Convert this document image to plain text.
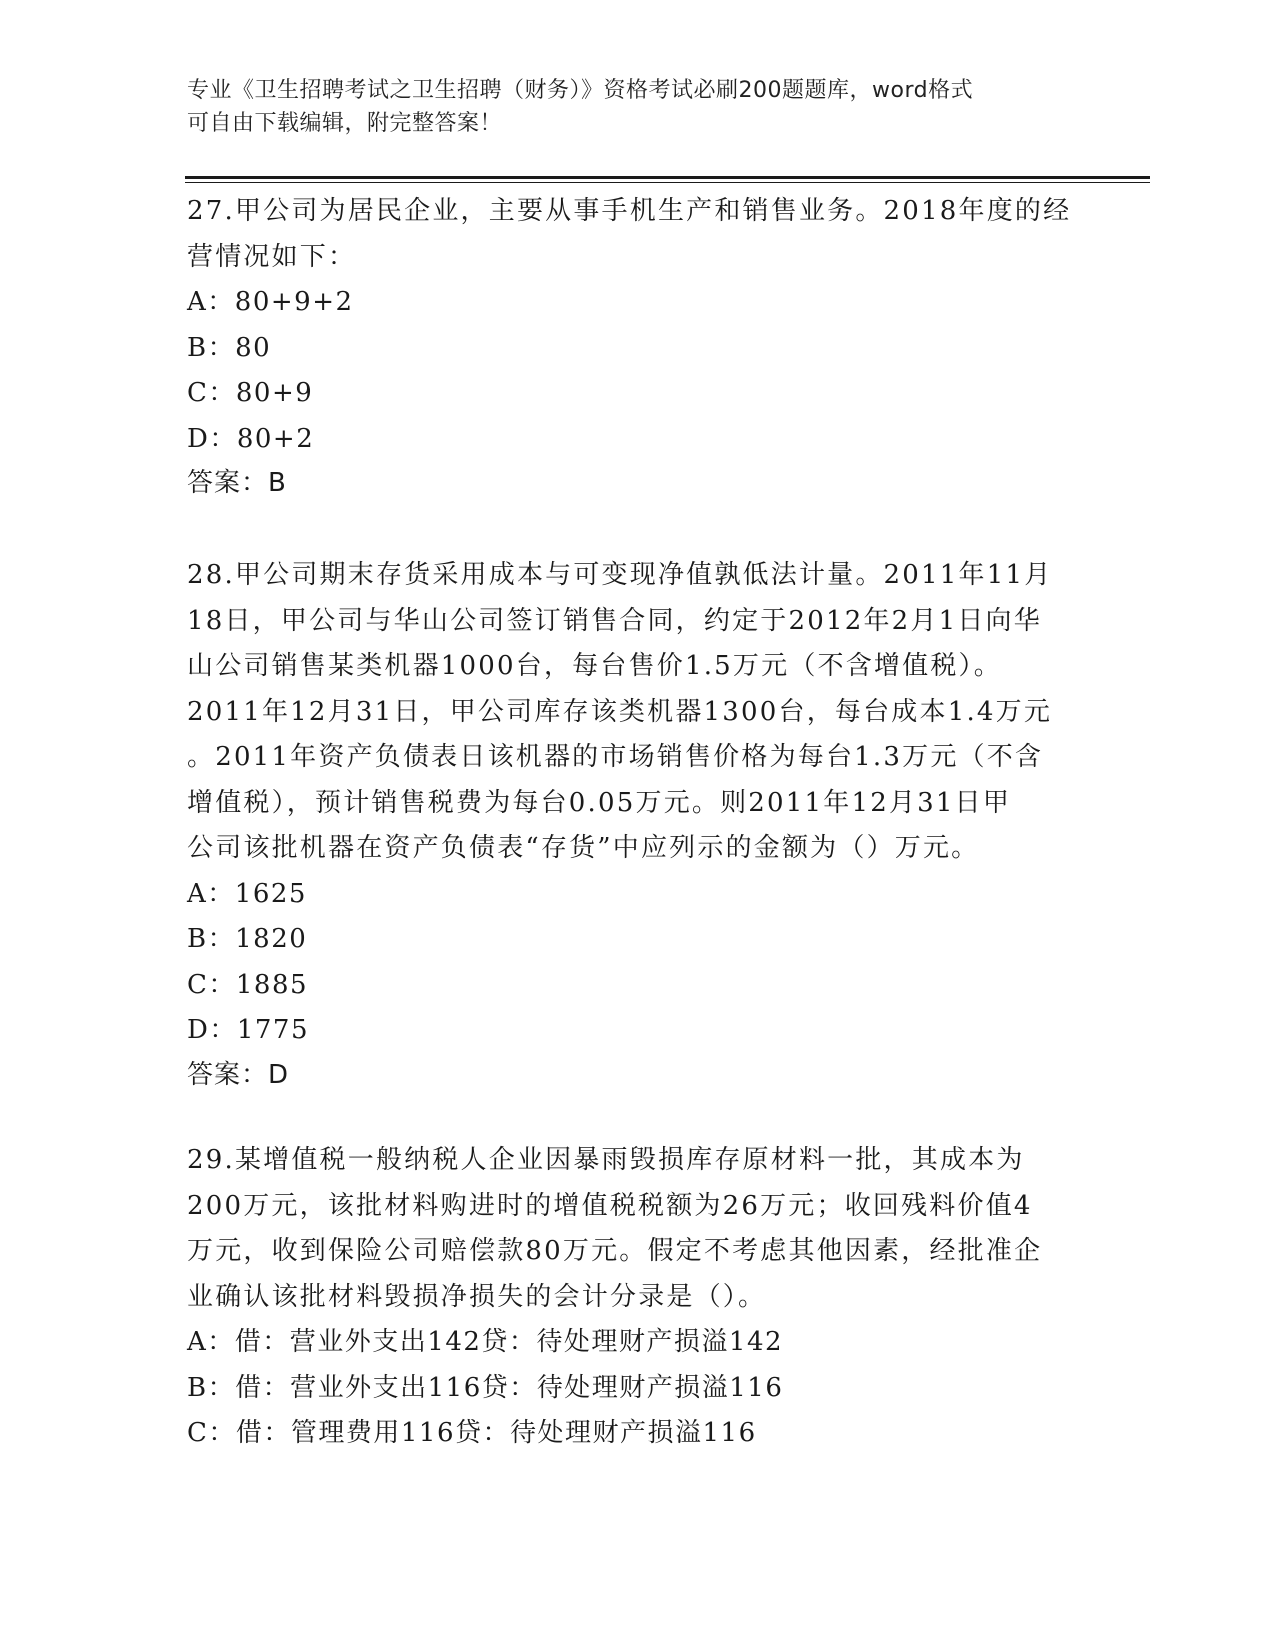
专业《卫生招聘考试之卫生招聘（财务）》资格考试必刷200题题库，word格式
可自由下载编辑，附完整答案！

27.甲公司为居民企业，主要从事手机生产和销售业务。2018年度的经

营情况如下：

A：80+9+2

B：80

C：80+9

D：80+2

答案：B

28.甲公司期末存货采用成本与可变现净值孰低法计量。2011年11月

18日，甲公司与华山公司签订销售合同，约定于2012年2月1日向华

山公司销售某类机器1000台，每台售价1.5万元（不含增值税）。

2011年12月31日，甲公司库存该类机器1300台，每台成本1.4万元

。2011年资产负债表日该机器的市场销售价格为每台1.3万元（不含

增值税），预计销售税费为每台0.05万元。则2011年12月31日甲

公司该批机器在资产负债表“存货”中应列示的金额为（）万元。

A：1625

B：1820

C：1885

D：1775

答案：D

29.某增值税一般纳税人企业因暴雨毁损库存原材料一批，其成本为

200万元，该批材料购进时的增值税税额为26万元；收回残料价值4

万元，收到保险公司赔偿款80万元。假定不考虑其他因素，经批准企

业确认该批材料毁损净损失的会计分录是（）。

A：借：营业外支出142贷：待处理财产损溢142

B：借：营业外支出116贷：待处理财产损溢116

C：借：管理费用116贷：待处理财产损溢116
